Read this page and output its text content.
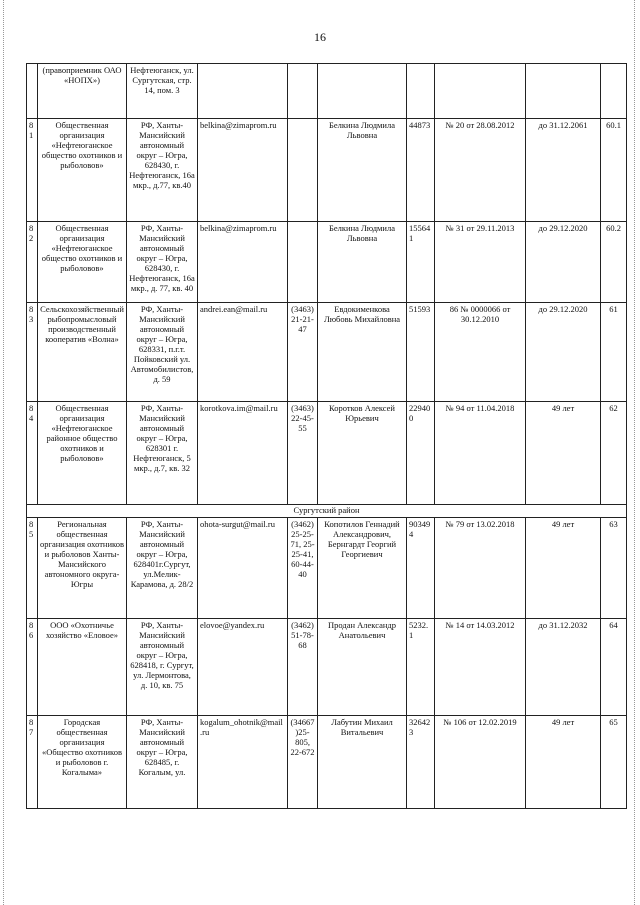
16
	(правоприемник ОАО «НОПХ»)	Нефтеюганск, ул. Сургутская, стр. 14, пом. 3							
81	Общественная организация «Нефтеюганское общество охотников и рыболовов»	РФ, Ханты-Мансийский автономный округ – Югра, 628430, г. Нефтеюганск, 16а мкр., д.77, кв.40	belkina@zimaprom.ru		Белкина Людмила Львовна	44873	№ 20 от 28.08.2012	до 31.12.2061	60.1
82	Общественная организация «Нефтеюганское общество охотников и рыболовов»	РФ, Ханты-Мансийский автономный округ – Югра, 628430, г. Нефтеюганск, 16а мкр., д. 77, кв. 40	belkina@zimaprom.ru		Белкина Людмила Львовна	155641	№ 31 от 29.11.2013	до 29.12.2020	60.2
83	Сельскохозяйственный рыбопромысловый производственный кооператив «Волна»	РФ, Ханты-Мансийский автономный округ – Югра, 628331, п.г.т. Пойковский ул. Автомобилистов, д. 59	andrei.ean@mail.ru	(3463)21-21-47	Евдокименкова Любовь Михайловна	51593	86 № 0000066 от 30.12.2010	до 29.12.2020	61
84	Общественная организация «Нефтеюганское районное общество охотников и рыболовов»	РФ, Ханты-Мансийский автономный округ – Югра, 628301 г. Нефтеюганск, 5 мкр., д.7, кв. 32	korotkova.im@mail.ru	(3463)22-45-55	Коротков Алексей Юрьевич	229400	№ 94 от 11.04.2018	49 лет	62
Сургутский район									
85	Региональная общественная организация охотников и рыболовов Ханты-Мансийского автономного округа-Югры	РФ, Ханты-Мансийский автономный округ – Югра, 628401г.Сургут, ул.Мелик-Карамова, д. 28/2	ohota-surgut@mail.ru	(3462) 25-25-71, 25-25-41, 60-44-40	Копотилов Геннадий Александрович, Бернгардт Георгий Георгиевич	903494	№ 79 от 13.02.2018	49 лет	63
86	ООО «Охотничье хозяйство «Еловое»	РФ, Ханты-Мансийский автономный округ – Югра, 628418, г. Сургут, ул. Лермонтова, д. 10, кв. 75	elovoe@yandex.ru	(3462) 51-78-68	Продан Александр Анатольевич	5232.1	№ 14 от 14.03.2012	до 31.12.2032	64
87	Городская общественная организация «Общество охотников и рыболовов г. Когалыма»	РФ, Ханты-Мансийский автономный округ – Югра, 628485, г. Когалым, ул.	kogalum_ohotnik@mail.ru	(34667)25-805, 22-672	Лабутин Михаил Витальевич	326423	№ 106 от 12.02.2019	49 лет	65
